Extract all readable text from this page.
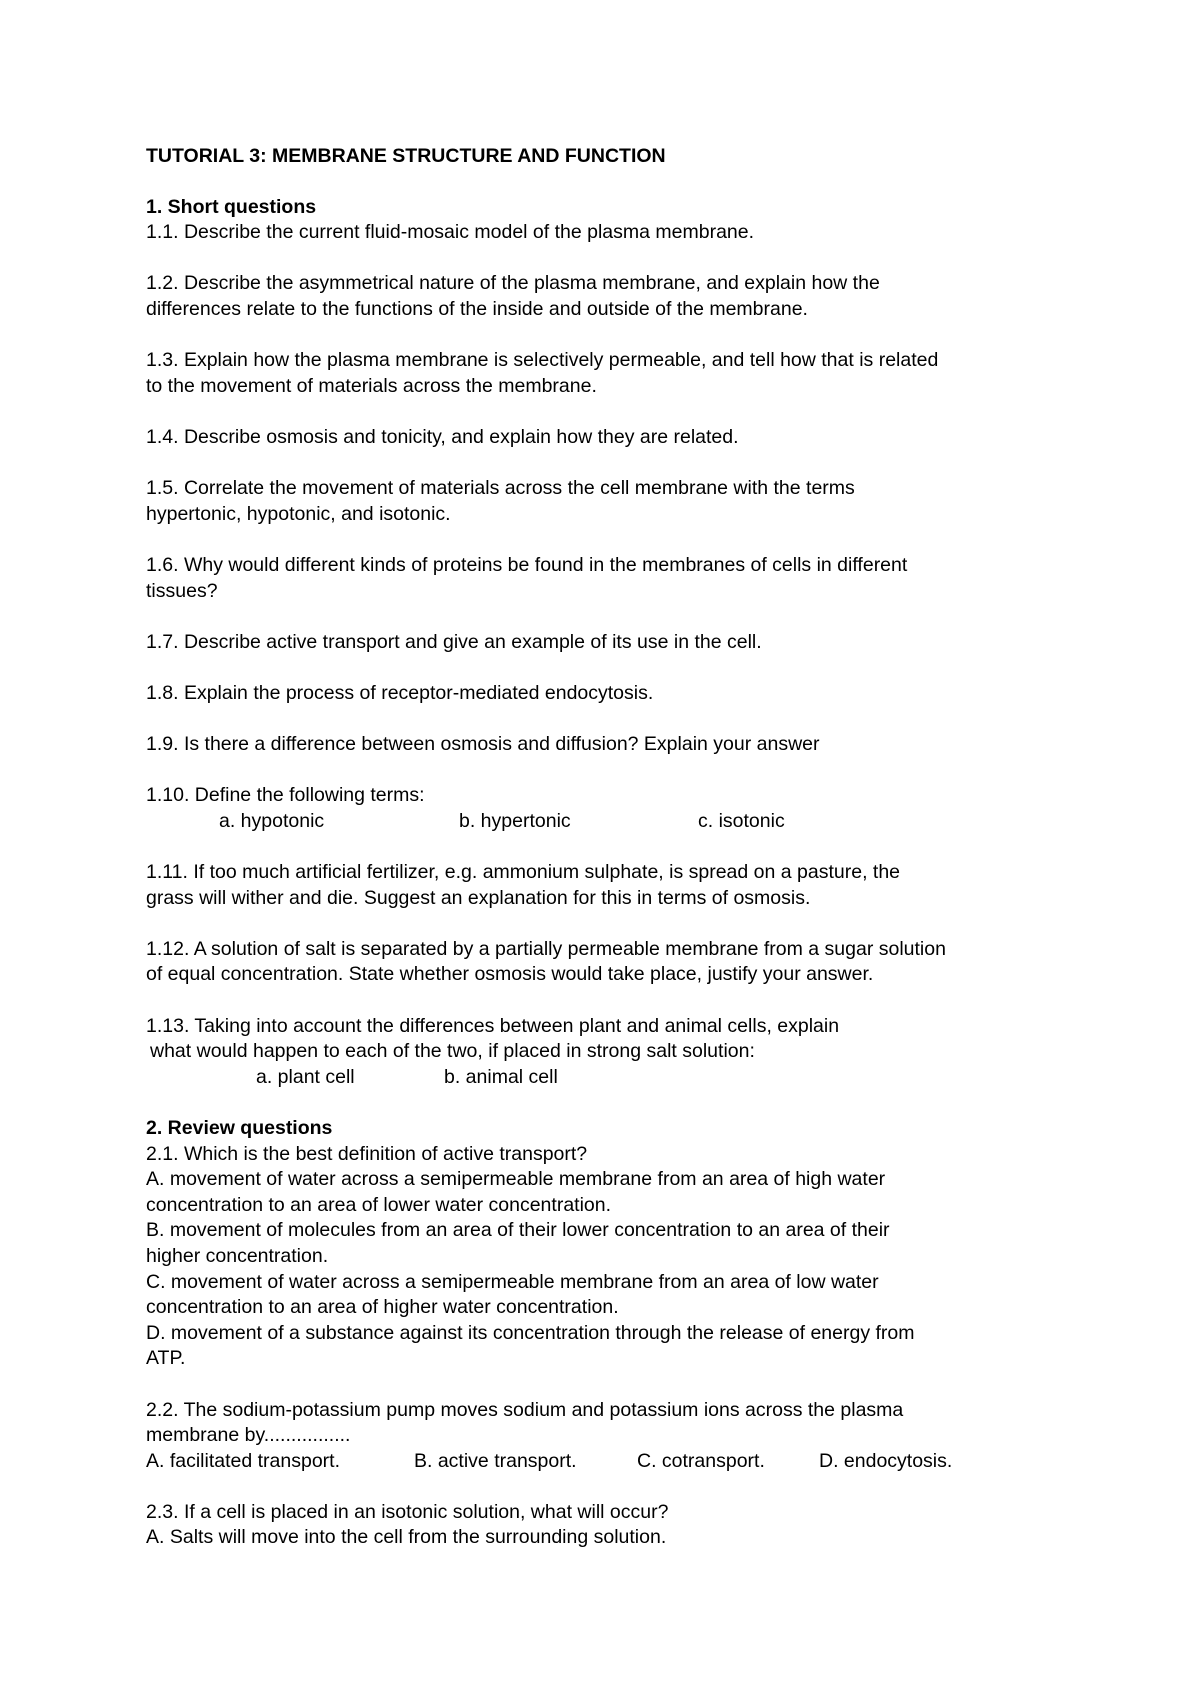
TUTORIAL 3: MEMBRANE STRUCTURE AND FUNCTION
1. Short questions

1.1. Describe the current fluid-mosaic model of the plasma membrane.

1.2. Describe the asymmetrical nature of the plasma membrane, and explain how the

differences relate to the functions of the inside and outside of the membrane.

1.3. Explain how the plasma membrane is selectively permeable, and tell how that is related

to the movement of materials across the membrane.

1.4. Describe osmosis and tonicity, and explain how they are related.

1.5. Correlate the movement of materials across the cell membrane with the terms

hypertonic, hypotonic, and isotonic.

1.6. Why would different kinds of proteins be found in the membranes of cells in different

tissues?

1.7. Describe active transport and give an example of its use in the cell.

1.8. Explain the process of receptor-mediated endocytosis.

1.9. Is there a difference between osmosis and diffusion? Explain your answer

1.10. Define the following terms:

a. hypotonic	b. hypertonic	c. isotonic

1.11. If too much artificial fertilizer, e.g. ammonium sulphate, is spread on a pasture, the

grass will wither and die. Suggest an explanation for this in terms of osmosis.

1.12. A solution of salt is separated by a partially permeable membrane from a sugar solution

of equal concentration. State whether osmosis would take place, justify your answer.

1.13. Taking into account the differences between plant and animal cells, explain

what would happen to each of the two, if placed in strong salt solution:

a. plant cell	b. animal cell
2. Review questions

2.1. Which is the best definition of active transport?

A. movement of water across a semipermeable membrane from an area of high water

concentration to an area of lower water concentration.

B. movement of molecules from an area of their lower concentration to an area of their

higher concentration.

C. movement of water across a semipermeable membrane from an area of low water

concentration to an area of higher water concentration.

D. movement of a substance against its concentration through the release of energy from

ATP.

2.2. The sodium-potassium pump moves sodium and potassium ions across the plasma

membrane by................

A. facilitated transport.	B. active transport.	C. cotransport.	D. endocytosis.

2.3. If a cell is placed in an isotonic solution, what will occur?

A. Salts will move into the cell from the surrounding solution.
